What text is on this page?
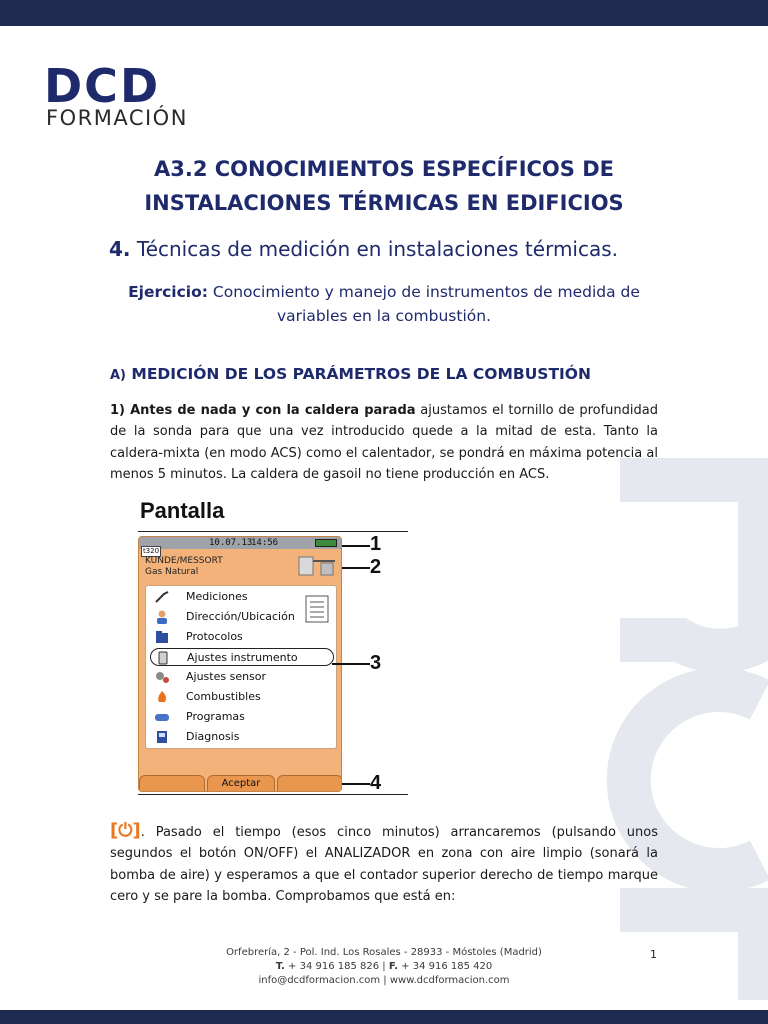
DCD
FORMACIÓN
A3.2 CONOCIMIENTOS ESPECÍFICOS DE
INSTALACIONES TÉRMICAS EN EDIFICIOS
4. Técnicas de medición en instalaciones térmicas.
Ejercicio: Conocimiento y manejo de instrumentos de medida de variables en la combustión.
A) MEDICIÓN DE LOS PARÁMETROS DE LA COMBUSTIÓN

1) Antes de nada y con la caldera parada ajustamos el tornillo de profundidad de la sonda para que una vez introducido quede a la mitad de esta. Tanto la caldera-mixta (en modo ACS) como el calentador, se pondrá en máxima potencia al menos 5 minutos. La caldera de gasoil no tiene producción en ACS.

Pantalla
10.07.13
14:56
t320
KUNDE/MESSORT
Gas Natural
Mediciones
Dirección/Ubicación
Protocolos
Ajustes instrumento
Ajustes sensor
Combustibles
Programas
Diagnosis
Aceptar
1
2
3
4

[⏻]. Pasado el tiempo (esos cinco minutos) arrancaremos (pulsando unos segundos el botón ON/OFF) el ANALIZADOR en zona con aire limpio (sonará la bomba de aire) y esperamos a que el contador superior derecho de tiempo marque cero y se pare la bomba. Comprobamos que está en:

Orfebrería, 2 - Pol. Ind. Los Rosales - 28933 - Móstoles (Madrid)
T. + 34 916 185 826 | F. + 34 916 185 420
info@dcdformacion.com | www.dcdformacion.com
1
